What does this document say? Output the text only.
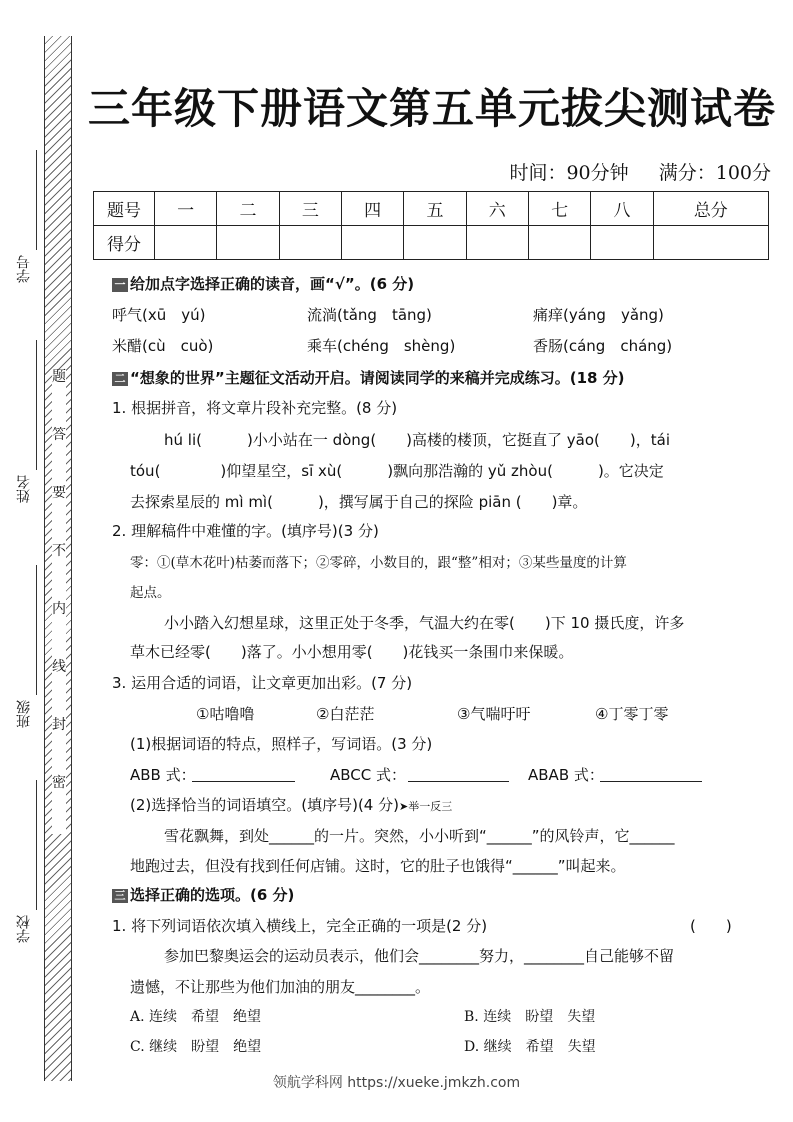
学号
姓名
班级
学校
题
答
要
不
内
线
封
密
三年级下册语文第五单元拔尖测试卷
时间：90分钟 满分：100分
题号	一	二	三	四	五	六	七	八	总分
得分									
一 给加点字选择正确的读音，画“√”。(6 分)
呼气(xū　yú)	流淌(tǎng　tāng)	痛痒(yáng　yǎng)
米醋(cù　cuò)	乘车(chéng　shèng)	香肠(cáng　cháng)
二 “想象的世界”主题征文活动开启。请阅读同学的来稿并完成练习。(18 分)
1. 根据拼音，将文章片段补充完整。(8 分)
hú li(　　　)小小站在一 dòng(　　)高楼的楼顶，它挺直了 yāo(　　)，tái
tóu(　　　　)仰望星空，sī xù(　　　)飘向那浩瀚的 yǔ zhòu(　　　)。它决定
去探索星辰的 mì mì(　　　)，撰写属于自己的探险 piān (　　)章。
2. 理解稿件中难懂的字。(填序号)(3 分)
零：①(草木花叶)枯萎而落下；②零碎，小数目的，跟“整”相对；③某些量度的计算
起点。
小小踏入幻想星球，这里正处于冬季，气温大约在零(　　)下 10 摄氏度，许多
草木已经零(　　)落了。小小想用零(　　)花钱买一条围巾来保暖。
3. 运用合适的词语，让文章更加出彩。(7 分)
①咕噜噜	②白茫茫	③气喘吁吁	④丁零丁零
(1)根据词语的特点，照样子，写词语。(3 分)
ABB 式：	ABCC 式：	ABAB 式：
(2)选择恰当的词语填空。(填序号)(4 分)➤举一反三
雪花飘舞，到处______的一片。突然，小小听到“______”的风铃声，它______
地跑过去，但没有找到任何店铺。这时，它的肚子也饿得“______”叫起来。
三 选择正确的选项。(6 分)
1. 将下列词语依次填入横线上，完全正确的一项是(2 分)	(　　)
参加巴黎奥运会的运动员表示，他们会________努力，________自己能够不留
遗憾，不让那些为他们加油的朋友________。
A. 连续　希望　绝望	B. 连续　盼望　失望
C. 继续　盼望　绝望	D. 继续　希望　失望
领航学科网 https://xueke.jmkzh.com
